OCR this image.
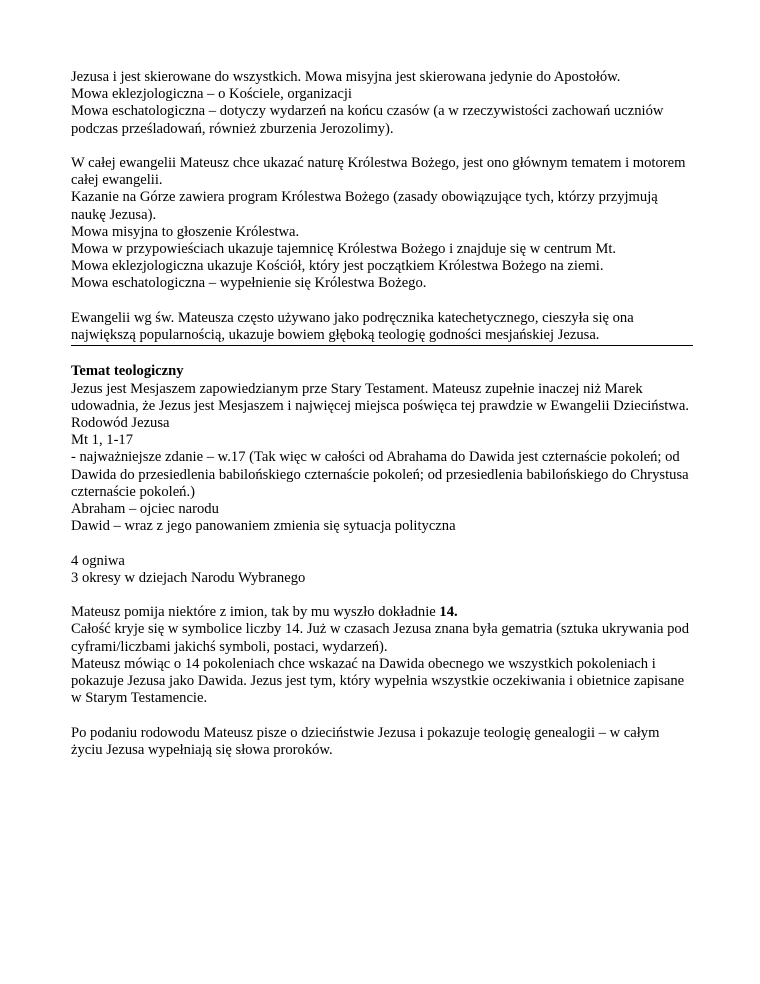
Jezusa i jest skierowane do wszystkich. Mowa misyjna jest skierowana jedynie do Apostołów.

Mowa eklezjologiczna – o Kościele, organizacji

Mowa eschatologiczna – dotyczy wydarzeń na końcu czasów (a w rzeczywistości zachowań uczniów podczas prześladowań, również zburzenia Jerozolimy).

W całej ewangelii Mateusz chce ukazać naturę Królestwa Bożego, jest ono głównym tematem i motorem całej ewangelii.

Kazanie na Górze zawiera program Królestwa Bożego (zasady obowiązujące tych, którzy przyjmują naukę Jezusa).

Mowa misyjna to głoszenie Królestwa.

Mowa w przypowieściach ukazuje tajemnicę Królestwa Bożego i znajduje się w centrum Mt.

Mowa eklezjologiczna ukazuje Kościół, który jest początkiem Królestwa Bożego na ziemi.

Mowa eschatologiczna – wypełnienie się Królestwa Bożego.

Ewangelii wg św. Mateusza często używano jako podręcznika katechetycznego, cieszyła się ona największą popularnością, ukazuje bowiem głęboką teologię godności mesjańskiej Jezusa.

Temat teologiczny

Jezus jest Mesjaszem zapowiedzianym prze Stary Testament. Mateusz zupełnie inaczej niż Marek udowadnia, że Jezus jest Mesjaszem i najwięcej miejsca poświęca tej prawdzie w Ewangelii Dzieciństwa.

Rodowód Jezusa

Mt 1, 1-17

- najważniejsze zdanie – w.17 (Tak więc w całości od Abrahama do Dawida jest czternaście pokoleń; od Dawida do przesiedlenia babilońskiego czternaście pokoleń; od przesiedlenia babilońskiego do Chrystusa czternaście pokoleń.)

Abraham – ojciec narodu

Dawid – wraz z jego panowaniem zmienia się sytuacja polityczna

4 ogniwa

3 okresy w dziejach Narodu Wybranego

Mateusz pomija niektóre z imion, tak by mu wyszło dokładnie 14.

Całość kryje się w symbolice liczby 14. Już w czasach Jezusa znana była gematria (sztuka ukrywania pod cyframi/liczbami jakichś symboli, postaci, wydarzeń).

Mateusz mówiąc o 14 pokoleniach chce wskazać na Dawida obecnego we wszystkich pokoleniach i pokazuje Jezusa jako Dawida. Jezus jest tym, który wypełnia wszystkie oczekiwania i obietnice zapisane w Starym Testamencie.

Po podaniu rodowodu Mateusz pisze o dzieciństwie Jezusa i pokazuje teologię genealogii – w całym życiu Jezusa wypełniają się słowa proroków.
